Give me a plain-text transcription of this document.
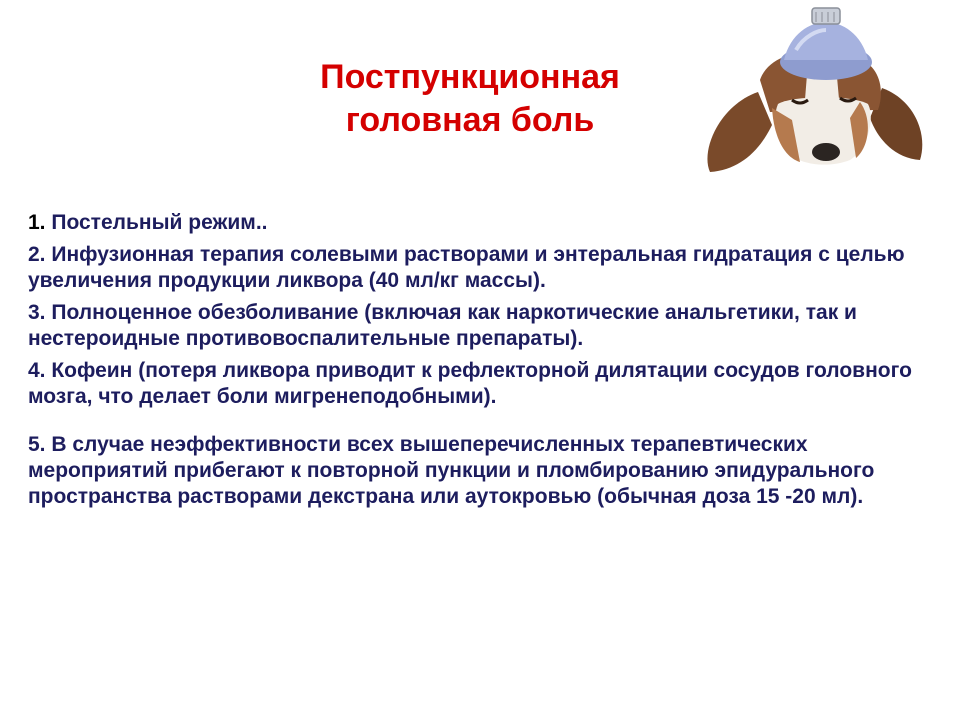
Постпункционная
головная боль
1. Постельный режим..
2. Инфузионная терапия солевыми растворами и энтеральная гидратация с целью увеличения продукции ликвора (40 мл/кг массы).
3. Полноценное обезболивание (включая как наркотические анальгетики, так и нестероидные противовоспалительные препараты).
4. Кофеин (потеря ликвора приводит к рефлекторной дилятации сосудов головного мозга, что делает боли мигренеподобными).
5. В случае неэффективности всех вышеперечисленных терапевтических мероприятий прибегают к повторной пункции и пломбированию эпидурального пространства растворами декстрана или аутокровью (обычная доза 15 -20 мл).
